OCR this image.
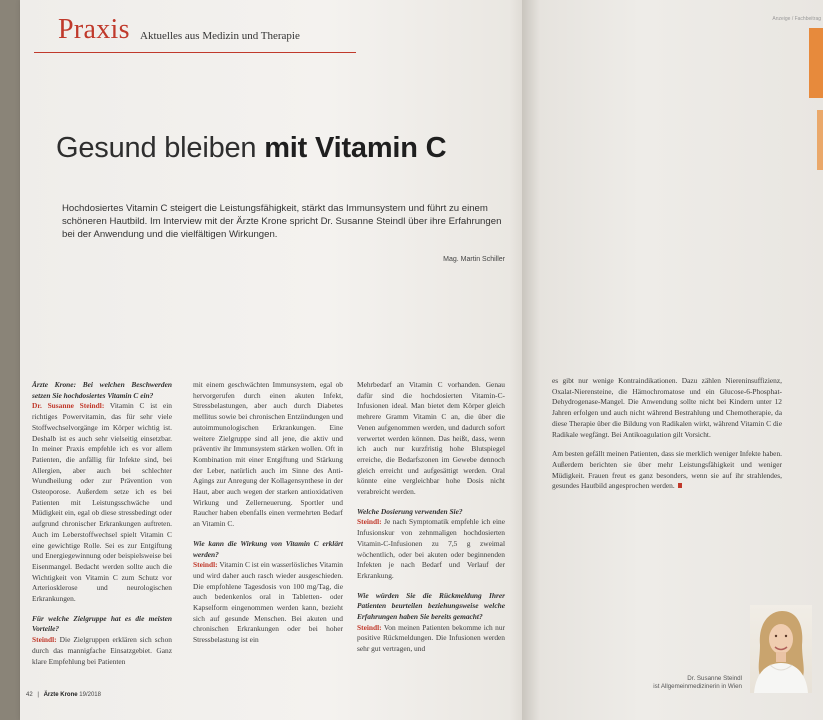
Anzeige / Fachbeitrag
Praxis Aktuelles aus Medizin und Therapie
Gesund bleiben mit Vitamin C
Hochdosiertes Vitamin C steigert die Leistungsfähigkeit, stärkt das Immunsystem und führt zu einem schöneren Hautbild. Im Interview mit der Ärzte Krone spricht Dr. Susanne Steindl über ihre Erfahrungen bei der Anwendung und die vielfältigen Wirkungen.
Mag. Martin Schiller

Ärzte Krone: Bei welchen Beschwerden setzen Sie hochdosiertes Vitamin C ein?

Dr. Susanne Steindl: Vitamin C ist ein richtiges Powervitamin, das für sehr viele Stoffwechselvorgänge im Körper wichtig ist. Deshalb ist es auch sehr vielseitig einsetzbar. In meiner Praxis empfehle ich es vor allem Patienten, die anfällig für Infekte sind, bei Allergien, aber auch bei schlechter Wundheilung oder zur Prävention von Osteoporose. Außerdem setze ich es bei Patienten mit Leistungsschwäche und Müdigkeit ein, egal ob diese stressbedingt oder aufgrund chronischer Erkrankungen auftreten. Auch im Leberstoffwechsel spielt Vitamin C eine gewichtige Rolle. Sei es zur Entgiftung und Energiegewinnung oder beispielsweise bei Eisenmangel. Bedacht werden sollte auch die Wichtigkeit von Vitamin C zum Schutz vor Arteriosklerose und neurologischen Erkrankungen.

Für welche Zielgruppe hat es die meisten Vorteile?

Steindl: Die Zielgruppen erklären sich schon durch das mannigfache Einsatzgebiet. Ganz klare Empfehlung bei Patienten

mit einem geschwächten Immunsystem, egal ob hervorgerufen durch einen akuten Infekt, Stressbelastungen, aber auch durch Diabetes mellitus sowie bei chronischen Entzündungen und autoimmunologischen Erkrankungen. Eine weitere Zielgruppe sind all jene, die aktiv und präventiv ihr Immunsystem stärken wollen. Oft in Kombination mit einer Entgiftung und Stärkung der Leber, natürlich auch im Sinne des Anti-Agings zur Anregung der Kollagensynthese in der Haut, aber auch wegen der starken antioxidativen Wirkung und Zellerneuerung. Sportler und Raucher haben ebenfalls einen vermehrten Bedarf an Vitamin C.

Wie kann die Wirkung von Vitamin C erklärt werden?

Steindl: Vitamin C ist ein wasserlösliches Vitamin und wird daher auch rasch wieder ausgeschieden. Die empfohlene Tagesdosis von 100 mg/Tag, die auch bedenkenlos oral in Tabletten- oder Kapselform eingenommen werden kann, bezieht sich auf gesunde Menschen. Bei akuten und chronischen Erkrankungen oder bei hoher Stressbelastung ist ein

Mehrbedarf an Vitamin C vorhanden. Genau dafür sind die hochdosierten Vitamin-C-Infusionen ideal. Man bietet dem Körper gleich mehrere Gramm Vitamin C an, die über die Venen aufgenommen werden, und dadurch sofort verwertet werden können. Das heißt, dass, wenn ich auch nur kurzfristig hohe Blutspiegel erreiche, die Bedarfszonen im Gewebe dennoch gleich erreicht und aufgesättigt werden. Oral könnte eine vergleichbar hohe Dosis nicht verabreicht werden.

Welche Dosierung verwenden Sie?

Steindl: Je nach Symptomatik empfehle ich eine Infusionskur von zehnmaligen hochdosierten Vitamin-C-Infusionen zu 7,5 g zweimal wöchentlich, oder bei akuten oder beginnenden Infekten je nach Bedarf und Verlauf der Erkrankung.

Wie würden Sie die Rückmeldung Ihrer Patienten beurteilen beziehungsweise welche Erfahrungen haben Sie bereits gemacht?

Steindl: Von meinen Patienten bekomme ich nur positive Rückmeldungen. Die Infusionen werden sehr gut vertragen, und

es gibt nur wenige Kontraindikationen. Dazu zählen Niereninsuffizienz, Oxalat-Nierensteine, die Hämochromatose und ein Glucose-6-Phosphat-Dehydrogenase-Mangel. Die Anwendung sollte nicht bei Kindern unter 12 Jahren erfolgen und auch nicht während Bestrahlung und Chemotherapie, da diese Therapie über die Bildung von Radikalen wirkt, während Vitamin C die Radikale wegfängt. Bei Antikoagulation gilt Vorsicht.

Am besten gefällt meinen Patienten, dass sie merklich weniger Infekte haben. Außerdem berichten sie über mehr Leistungsfähigkeit und weniger Müdigkeit. Frauen freut es ganz besonders, wenn sie auf ihr strahlendes, gesundes Hautbild angesprochen werden.

42 | Ärzte Krone 19/2018
Dr. Susanne Steindl
ist Allgemeinmedizinerin in Wien
